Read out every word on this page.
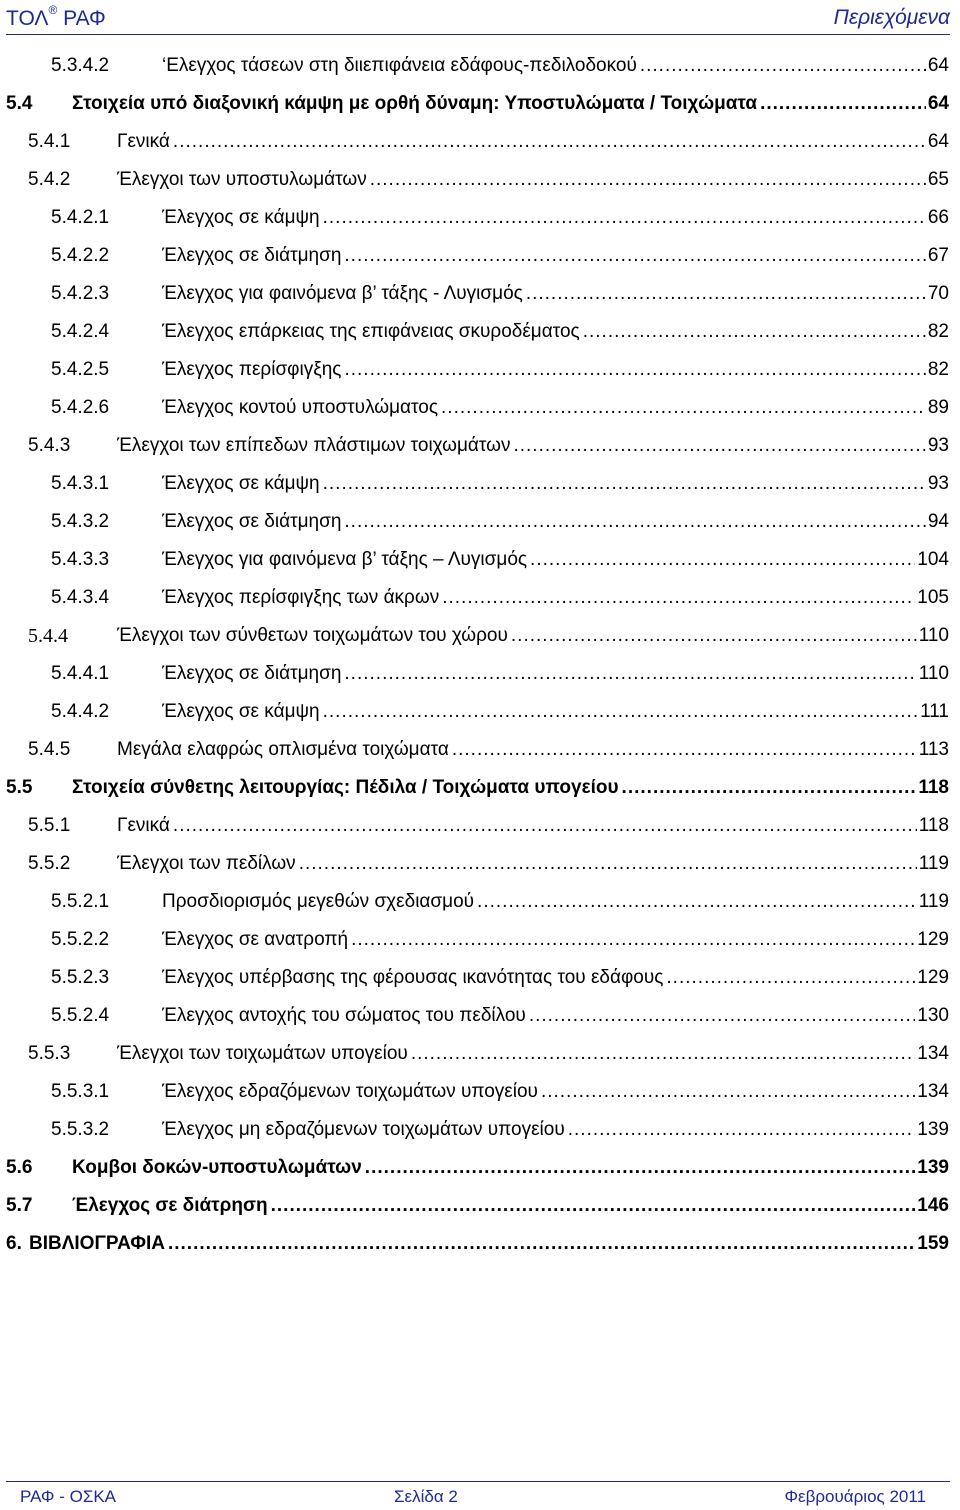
ΤΟΛ® ΡΑΦ	Περιεχόμενα
5.3.4.2	‘Ελεγχος τάσεων στη διιεπιφάνεια εδάφους-πεδιλοδοκού .....	64
5.4 Στοιχεία υπό διαξονική κάμψη με ορθή δύναμη: Υποστυλώματα / Τοιχώματα .....	64
5.4.1 Γενικά .....	64
5.4.2 Έλεγχοι των υποστυλωμάτων .....	65
5.4.2.1	Έλεγχος σε κάμψη .....	66
5.4.2.2	Έλεγχος σε διάτμηση .....	67
5.4.2.3	Έλεγχος για φαινόμενα β’ τάξης - Λυγισμός .....	70
5.4.2.4	Έλεγχος επάρκειας της επιφάνειας σκυροδέματος .....	82
5.4.2.5	Έλεγχος περίσφιγξης .....	82
5.4.2.6	Έλεγχος κοντού υποστυλώματος .....	89
5.4.3 Έλεγχοι των επίπεδων πλάστιμων τοιχωμάτων .....	93
5.4.3.1	Έλεγχος σε κάμψη .....	93
5.4.3.2	Έλεγχος σε διάτμηση .....	94
5.4.3.3	Έλεγχος για φαινόμενα β’ τάξης – Λυγισμός .....	104
5.4.3.4	Έλεγχος περίσφιγξης των άκρων .....	105
5.4.4	Έλεγχοι των σύνθετων τοιχωμάτων του χώρου .....	110
5.4.4.1	Έλεγχος σε διάτμηση .....	110
5.4.4.2	Έλεγχος σε κάμψη .....	111
5.4.5 Μεγάλα ελαφρώς οπλισμένα τοιχώματα .....	113
5.5 Στοιχεία σύνθετης λειτουργίας: Πέδιλα / Τοιχώματα υπογείου .....	118
5.5.1 Γενικά .....	118
5.5.2 Έλεγχοι των πεδίλων .....	119
5.5.2.1	Προσδιορισμός μεγεθών σχεδιασμού .....	119
5.5.2.2	Έλεγχος σε ανατροπή .....	129
5.5.2.3	Έλεγχος υπέρβασης της φέρουσας ικανότητας του εδάφους .....	129
5.5.2.4	Έλεγχος αντοχής του σώματος του πεδίλου .....	130
5.5.3 Έλεγχοι των τοιχωμάτων υπογείου .....	134
5.5.3.1	Έλεγχος εδραζόμενων τοιχωμάτων υπογείου .....	134
5.5.3.2	Έλεγχος μη εδραζόμενων τοιχωμάτων υπογείου .....	139
5.6 Κομβοι δοκών-υποστυλωμάτων .....	139
5.7 Έλεγχος σε διάτρηση .....	146
6. ΒΙΒΛΙΟΓΡΑΦΙΑ .....	159
ΡΑΦ - ΟΣΚΑ	Σελίδα 2	Φεβρουάριος 2011
